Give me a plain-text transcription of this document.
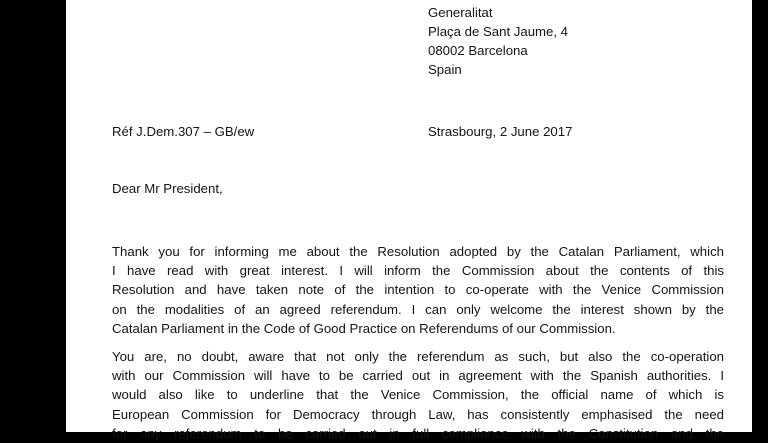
Generalitat
Plaça de Sant Jaume, 4
08002 Barcelona
Spain
Réf J.Dem.307 – GB/ew	Strasbourg, 2 June 2017
Dear Mr President,
Thank you for informing me about the Resolution adopted by the Catalan Parliament, which
I have read with great interest. I will inform the Commission about the contents of this
Resolution and have taken note of the intention to co-operate with the Venice Commission
on the modalities of an agreed referendum. I can only welcome the interest shown by the
Catalan Parliament in the Code of Good Practice on Referendums of our Commission.
You are, no doubt, aware that not only the referendum as such, but also the co-operation
with our Commission will have to be carried out in agreement with the Spanish authorities. I
would also like to underline that the Venice Commission, the official name of which is
European Commission for Democracy through Law, has consistently emphasised the need
for any referendum to be carried out in full compliance with the Constitution and the
